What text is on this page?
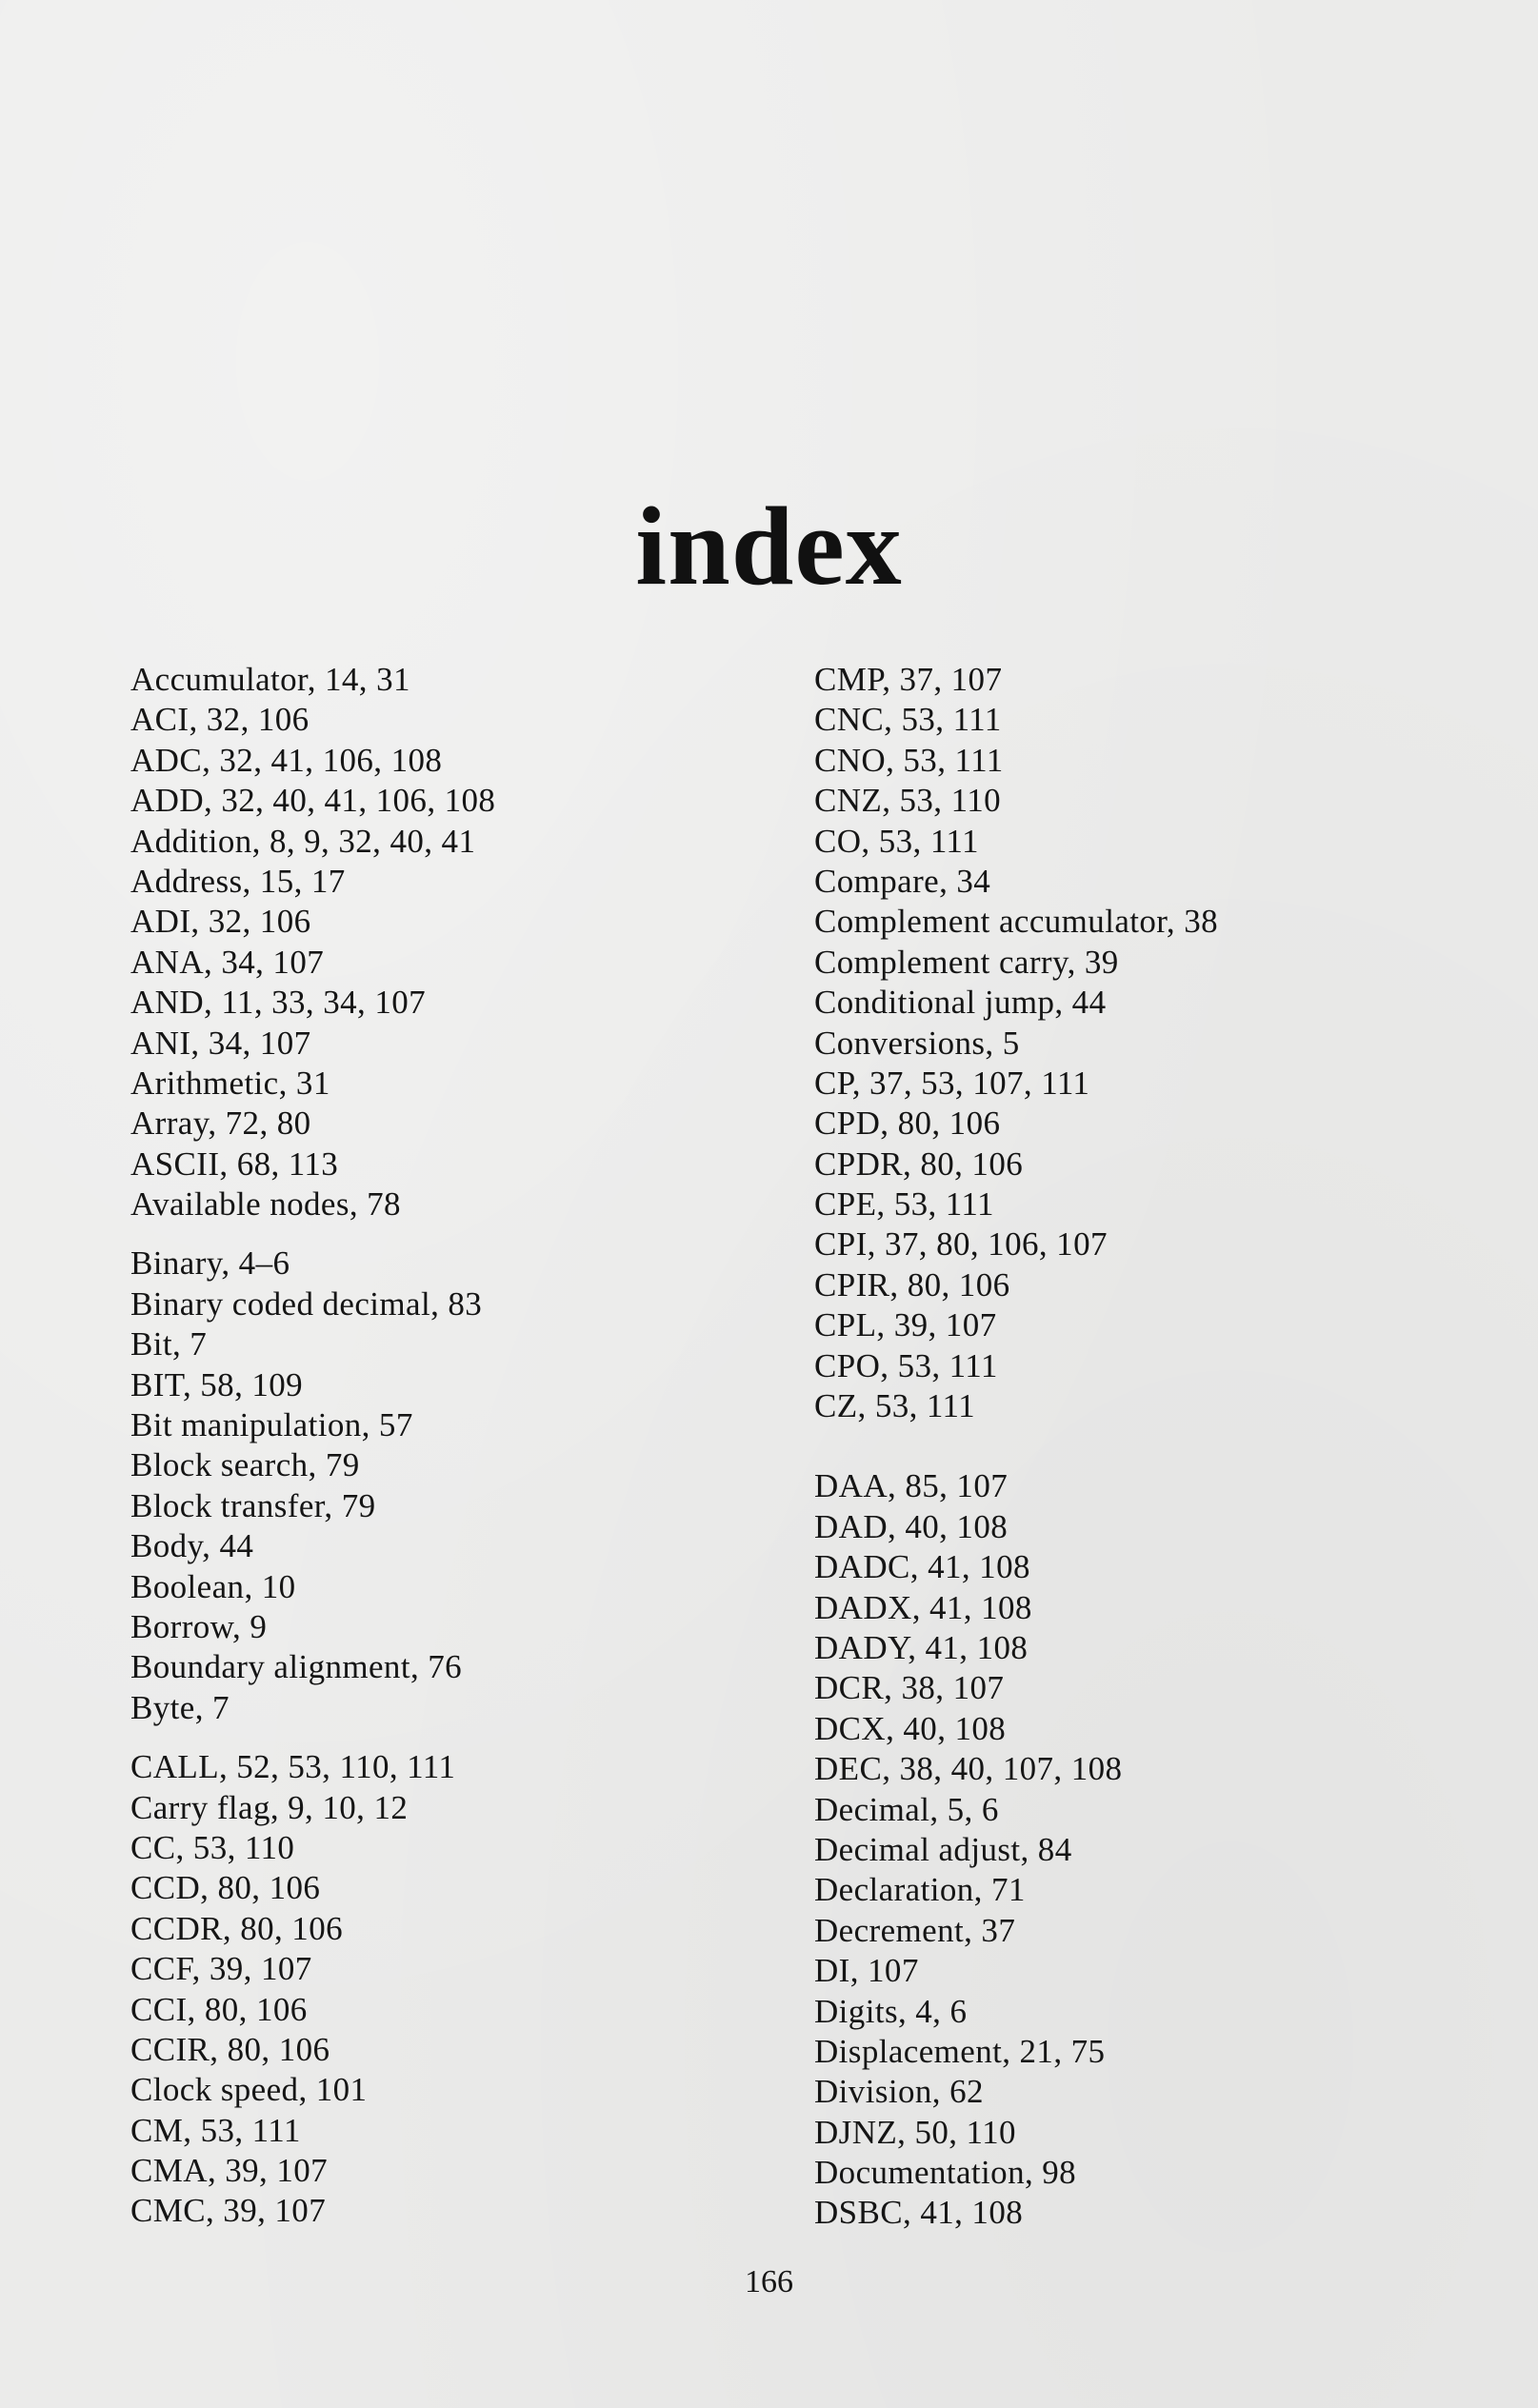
index
Accumulator, 14, 31
ACI, 32, 106
ADC, 32, 41, 106, 108
ADD, 32, 40, 41, 106, 108
Addition, 8, 9, 32, 40, 41
Address, 15, 17
ADI, 32, 106
ANA, 34, 107
AND, 11, 33, 34, 107
ANI, 34, 107
Arithmetic, 31
Array, 72, 80
ASCII, 68, 113
Available nodes, 78
Binary, 4–6
Binary coded decimal, 83
Bit, 7
BIT, 58, 109
Bit manipulation, 57
Block search, 79
Block transfer, 79
Body, 44
Boolean, 10
Borrow, 9
Boundary alignment, 76
Byte, 7
CALL, 52, 53, 110, 111
Carry flag, 9, 10, 12
CC, 53, 110
CCD, 80, 106
CCDR, 80, 106
CCF, 39, 107
CCI, 80, 106
CCIR, 80, 106
Clock speed, 101
CM, 53, 111
CMA, 39, 107
CMC, 39, 107
CMP, 37, 107
CNC, 53, 111
CNO, 53, 111
CNZ, 53, 110
CO, 53, 111
Compare, 34
Complement accumulator, 38
Complement carry, 39
Conditional jump, 44
Conversions, 5
CP, 37, 53, 107, 111
CPD, 80, 106
CPDR, 80, 106
CPE, 53, 111
CPI, 37, 80, 106, 107
CPIR, 80, 106
CPL, 39, 107
CPO, 53, 111
CZ, 53, 111
DAA, 85, 107
DAD, 40, 108
DADC, 41, 108
DADX, 41, 108
DADY, 41, 108
DCR, 38, 107
DCX, 40, 108
DEC, 38, 40, 107, 108
Decimal, 5, 6
Decimal adjust, 84
Declaration, 71
Decrement, 37
DI, 107
Digits, 4, 6
Displacement, 21, 75
Division, 62
DJNZ, 50, 110
Documentation, 98
DSBC, 41, 108
166
